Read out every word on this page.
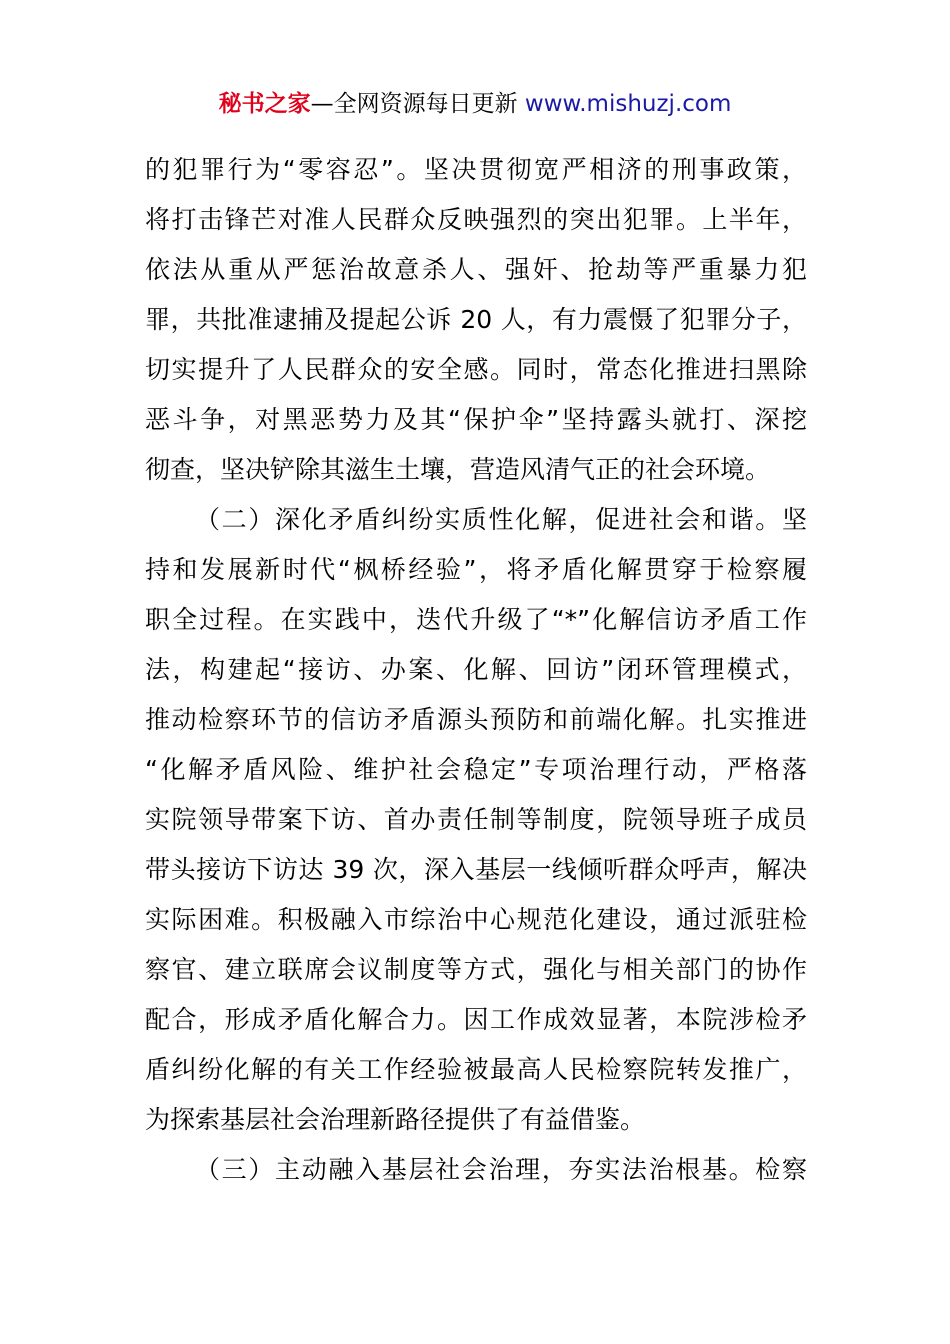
秘书之家—全网资源每日更新 www.mishuzj.com
的犯罪行为“零容忍”。坚决贯彻宽严相济的刑事政策，
将打击锋芒对准人民群众反映强烈的突出犯罪。上半年，
依法从重从严惩治故意杀人、强奸、抢劫等严重暴力犯
罪，共批准逮捕及提起公诉 20 人，有力震慑了犯罪分子，
切实提升了人民群众的安全感。同时，常态化推进扫黑除
恶斗争，对黑恶势力及其“保护伞”坚持露头就打、深挖
彻查，坚决铲除其滋生土壤，营造风清气正的社会环境。
（二）深化矛盾纠纷实质性化解，促进社会和谐。坚
持和发展新时代“枫桥经验”，将矛盾化解贯穿于检察履
职全过程。在实践中，迭代升级了“*”化解信访矛盾工作
法，构建起“接访、办案、化解、回访”闭环管理模式，
推动检察环节的信访矛盾源头预防和前端化解。扎实推进
“化解矛盾风险、维护社会稳定”专项治理行动，严格落
实院领导带案下访、首办责任制等制度，院领导班子成员
带头接访下访达 39 次，深入基层一线倾听群众呼声，解决
实际困难。积极融入市综治中心规范化建设，通过派驻检
察官、建立联席会议制度等方式，强化与相关部门的协作
配合，形成矛盾化解合力。因工作成效显著，本院涉检矛
盾纠纷化解的有关工作经验被最高人民检察院转发推广，
为探索基层社会治理新路径提供了有益借鉴。
（三）主动融入基层社会治理，夯实法治根基。检察
